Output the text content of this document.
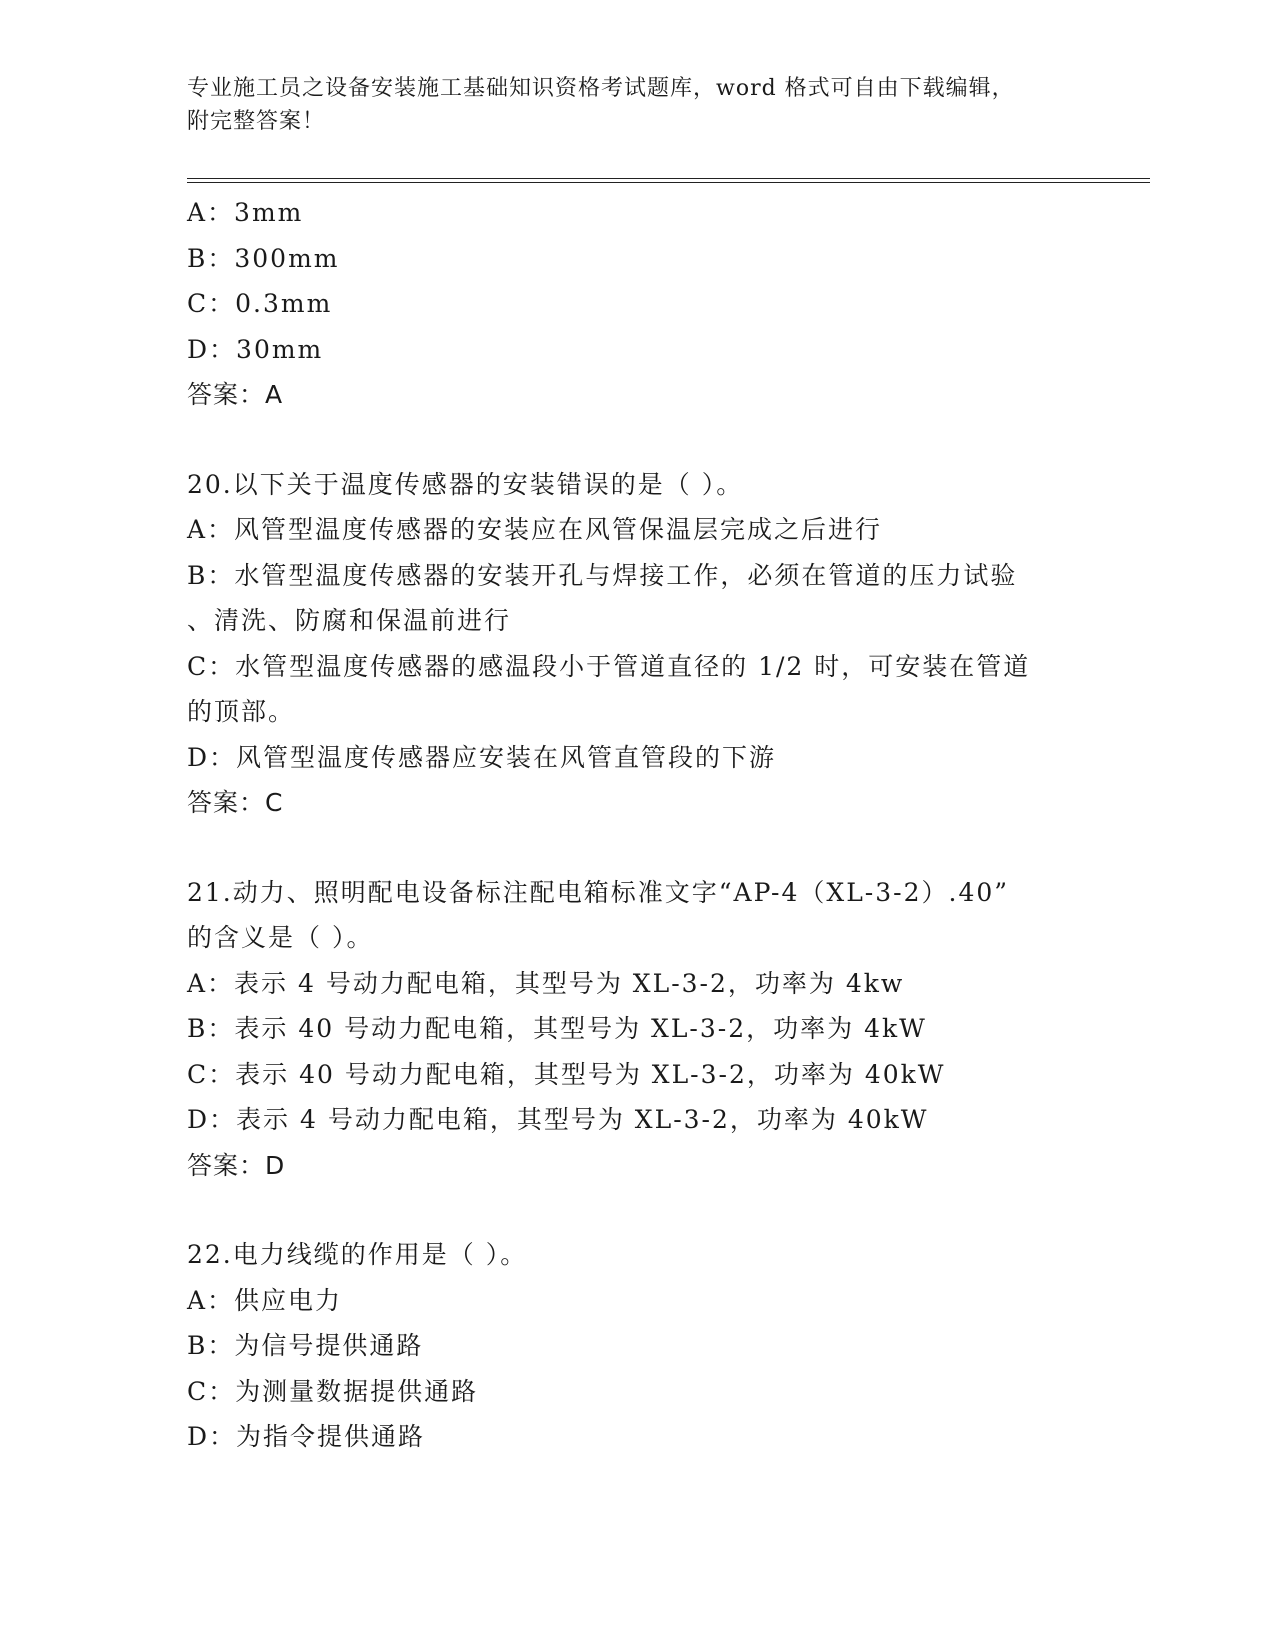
专业施工员之设备安装施工基础知识资格考试题库，word 格式可自由下载编辑，
附完整答案！
A：3mm
B：300mm
C：0.3mm
D：30mm
答案：A
20.以下关于温度传感器的安装错误的是（ ）。
A：风管型温度传感器的安装应在风管保温层完成之后进行
B：水管型温度传感器的安装开孔与焊接工作，必须在管道的压力试验
、清洗、防腐和保温前进行
C：水管型温度传感器的感温段小于管道直径的 1/2 时，可安装在管道
的顶部。
D：风管型温度传感器应安装在风管直管段的下游
答案：C
21.动力、照明配电设备标注配电箱标准文字“AP-4（XL-3-2）.40”
的含义是（ ）。
A：表示 4 号动力配电箱，其型号为 XL-3-2，功率为 4kw
B：表示 40 号动力配电箱，其型号为 XL-3-2，功率为 4kW
C：表示 40 号动力配电箱，其型号为 XL-3-2，功率为 40kW
D：表示 4 号动力配电箱，其型号为 XL-3-2，功率为 40kW
答案：D
22.电力线缆的作用是（ ）。
A：供应电力
B：为信号提供通路
C：为测量数据提供通路
D：为指令提供通路
